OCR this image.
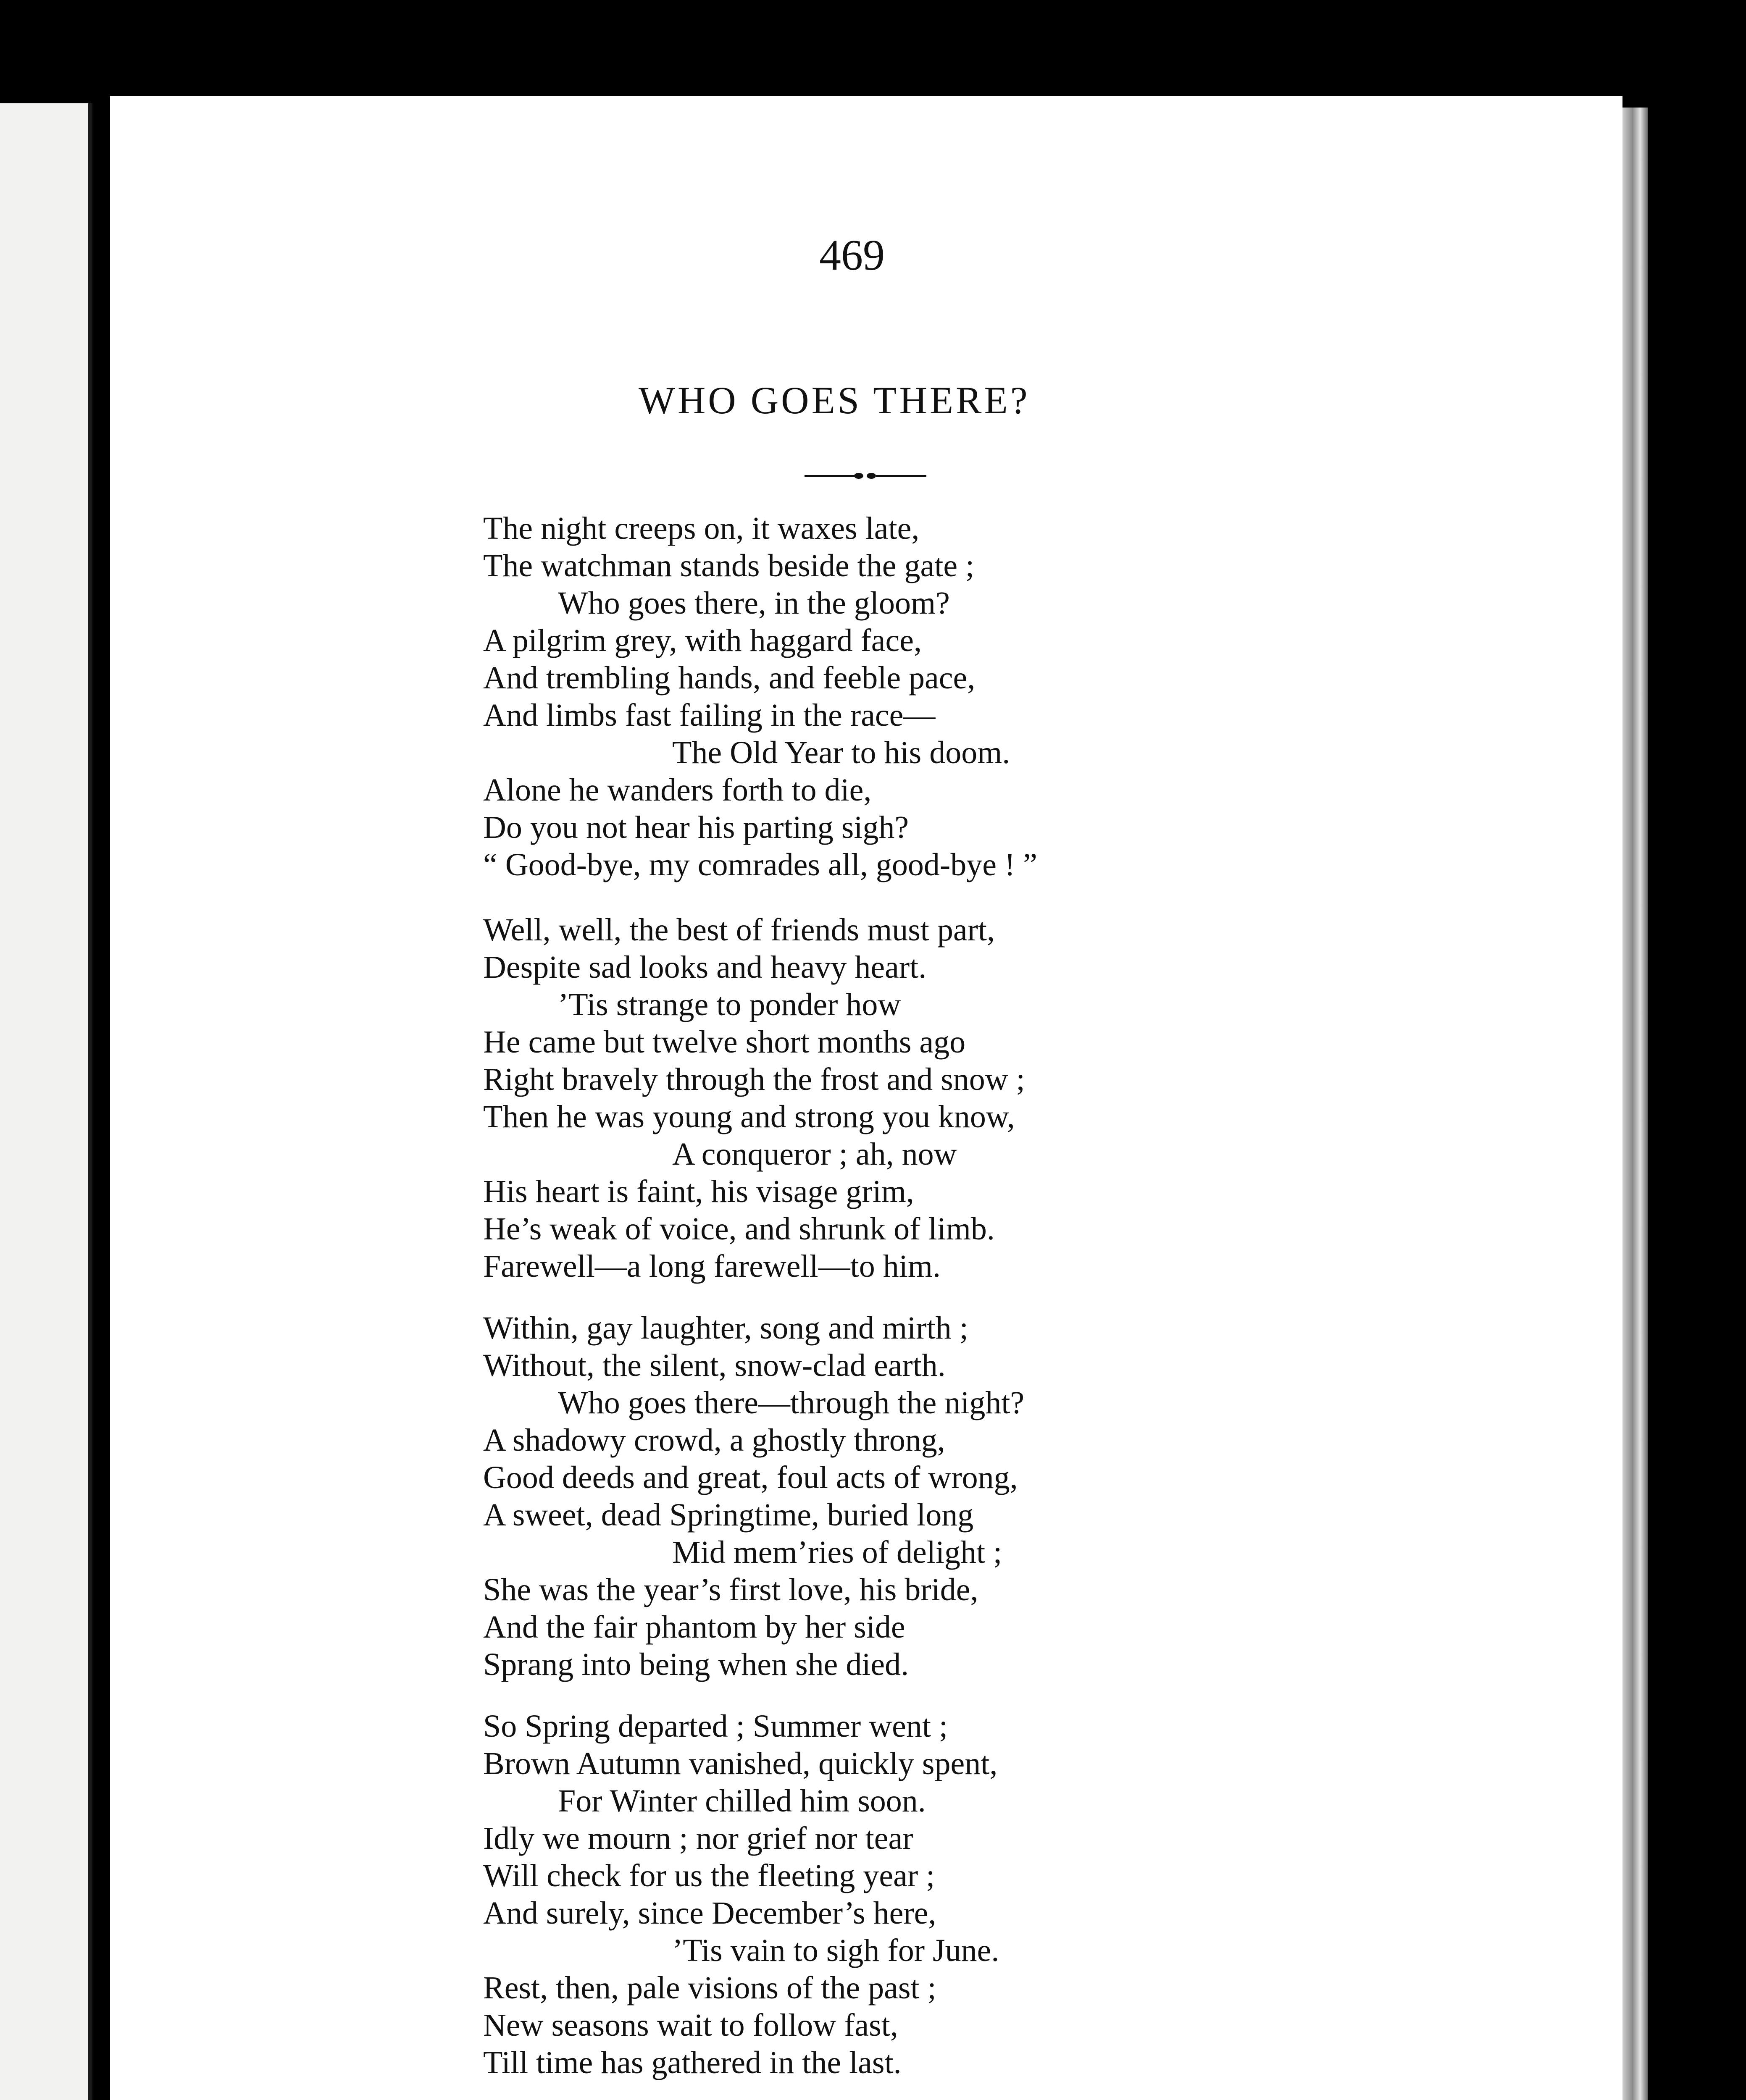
469
WHO GOES THERE?
The night creeps on, it waxes late,
The watchman stands beside the gate ;
Who goes there, in the gloom?
A pilgrim grey, with haggard face,
And trembling hands, and feeble pace,
And limbs fast failing in the race—
The Old Year to his doom.
Alone he wanders forth to die,
Do you not hear his parting sigh?
“ Good-bye, my comrades all, good-bye ! ”
Well, well, the best of friends must part,
Despite sad looks and heavy heart.
’Tis strange to ponder how
He came but twelve short months ago
Right bravely through the frost and snow ;
Then he was young and strong you know,
A conqueror ; ah, now
His heart is faint, his visage grim,
He’s weak of voice, and shrunk of limb.
Farewell—a long farewell—to him.
Within, gay laughter, song and mirth ;
Without, the silent, snow-clad earth.
Who goes there—through the night?
A shadowy crowd, a ghostly throng,
Good deeds and great, foul acts of wrong,
A sweet, dead Springtime, buried long
Mid mem’ries of delight ;
She was the year’s first love, his bride,
And the fair phantom by her side
Sprang into being when she died.
So Spring departed ; Summer went ;
Brown Autumn vanished, quickly spent,
For Winter chilled him soon.
Idly we mourn ; nor grief nor tear
Will check for us the fleeting year ;
And surely, since December’s here,
’Tis vain to sigh for June.
Rest, then, pale visions of the past ;
New seasons wait to follow fast,
Till time has gathered in the last.
